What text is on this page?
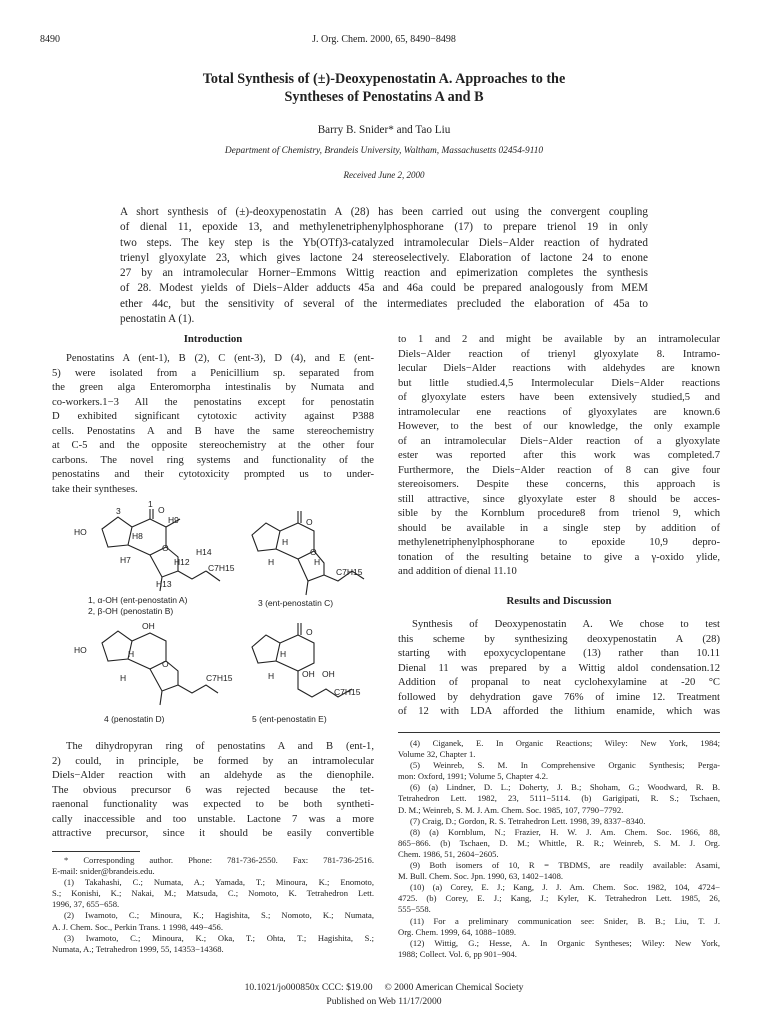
8490	J. Org. Chem. 2000, 65, 8490−8498
Total Synthesis of (±)-Deoxypenostatin A. Approaches to the
Syntheses of Penostatins A and B
Barry B. Snider* and Tao Liu
Department of Chemistry, Brandeis University, Waltham, Massachusetts 02454-9110
Received June 2, 2000
A short synthesis of (±)-deoxypenostatin A (28) has been carried out using the convergent coupling
of dienal 11, epoxide 13, and methylenetriphenylphosphorane (17) to prepare trienol 19 in only
two steps. The key step is the Yb(OTf)3-catalyzed intramolecular Diels−Alder reaction of hydrated
trienyl glyoxylate 23, which gives lactone 24 stereoselectively. Elaboration of lactone 24 to enone
27 by an intramolecular Horner−Emmons Wittig reaction and epimerization completes the synthesis
of 28. Modest yields of Diels−Alder adducts 45a and 46a could be prepared analogously from MEM
ether 44c, but the sensitivity of several of the intermediates precluded the elaboration of 45a to
penostatin A (1).
Introduction
Penostatins A (ent-1), B (2), C (ent-3), D (4), and E (ent-
5) were isolated from a Penicillium sp. separated from
the green alga Enteromorpha intestinalis by Numata and
co-workers.1−3 All the penostatins except for penostatin
D exhibited significant cytotoxic activity against P388
cells. Penostatins A and B have the same stereochemistry
at C-5 and the opposite stereochemistry at the other four
carbons. The novel ring systems and functionality of the
penostatins and their cytotoxicity prompted us to under-
take their syntheses.
HO
3
1
O
H9
H8
H7
O
H12
H14
C7H15
H13
O
H
H
O
H
C7H15
OH
HO	H
H
O
C7H15
O
H
H	OH OH
C7H15
1, α-OH (ent-penostatin A)
2, β-OH (penostatin B)
3 (ent-penostatin C)
4 (penostatin D)	5 (ent-penostatin E)
The dihydropyran ring of penostatins A and B (ent-1,
2) could, in principle, be formed by an intramolecular
Diels−Alder reaction with an aldehyde as the dienophile.
The obvious precursor 6 was rejected because the tet-
raenonal functionality was expected to be both syntheti-
cally inaccessible and too unstable. Lactone 7 was a more
attractive precursor, since it should be easily convertible
* Corresponding author. Phone: 781-736-2550. Fax: 781-736-2516.
E-mail: snider@brandeis.edu.
(1) Takahashi, C.; Numata, A.; Yamada, T.; Minoura, K.; Enomoto,
S.; Konishi, K.; Nakai, M.; Matsuda, C.; Nomoto, K. Tetrahedron Lett.
1996, 37, 655−658.
(2) Iwamoto, C.; Minoura, K.; Hagishita, S.; Nomoto, K.; Numata,
A. J. Chem. Soc., Perkin Trans. 1 1998, 449−456.
(3) Iwamoto, C.; Minoura, K.; Oka, T.; Ohta, T.; Hagishita, S.;
Numata, A.; Tetrahedron 1999, 55, 14353−14368.
to 1 and 2 and might be available by an intramolecular
Diels−Alder reaction of trienyl glyoxylate 8. Intramo-
lecular Diels−Alder reactions with aldehydes are known
but little studied.4,5 Intermolecular Diels−Alder reactions
of glyoxylate esters have been extensively studied,5 and
intramolecular ene reactions of glyoxylates are known.6
However, to the best of our knowledge, the only example
of an intramolecular Diels−Alder reaction of a glyoxylate
ester was reported after this work was completed.7
Furthermore, the Diels−Alder reaction of 8 can give four
stereoisomers. Despite these concerns, this approach is
still attractive, since glyoxylate ester 8 should be acces-
sible by the Kornblum procedure8 from trienol 9, which
should be available in a single step by addition of
methylenetriphenylphosphorane to epoxide 10,9 depro-
tonation of the resulting betaine to give a γ-oxido ylide,
and addition of dienal 11.10
Results and Discussion
Synthesis of Deoxypenostatin A. We chose to test
this scheme by synthesizing deoxypenostatin A (28)
starting with epoxycyclopentane (13) rather than 10.11
Dienal 11 was prepared by a Wittig aldol condensation.12
Addition of propanal to neat cyclohexylamine at -20 °C
followed by dehydration gave 76% of imine 12. Treatment
of 12 with LDA afforded the lithium enamide, which was
(4) Ciganek, E. In Organic Reactions; Wiley: New York, 1984;
Volume 32, Chapter 1.
(5) Weinreb, S. M. In Comprehensive Organic Synthesis; Perga-
mon: Oxford, 1991; Volume 5, Chapter 4.2.
(6) (a) Lindner, D. L.; Doherty, J. B.; Shoham, G.; Woodward, R. B.
Tetrahedron Lett. 1982, 23, 5111−5114. (b) Garigipati, R. S.; Tschaen,
D. M.; Weinreb, S. M. J. Am. Chem. Soc. 1985, 107, 7790−7792.
(7) Craig, D.; Gordon, R. S. Tetrahedron Lett. 1998, 39, 8337−8340.
(8) (a) Kornblum, N.; Frazier, H. W. J. Am. Chem. Soc. 1966, 88,
865−866. (b) Tschaen, D. M.; Whittle, R. R.; Weinreb, S. M. J. Org.
Chem. 1986, 51, 2604−2605.
(9) Both isomers of 10, R = TBDMS, are readily available: Asami,
M. Bull. Chem. Soc. Jpn. 1990, 63, 1402−1408.
(10) (a) Corey, E. J.; Kang, J. J. Am. Chem. Soc. 1982, 104, 4724−
4725. (b) Corey, E. J.; Kang, J.; Kyler, K. Tetrahedron Lett. 1985, 26,
555−558.
(11) For a preliminary communication see: Snider, B. B.; Liu, T. J.
Org. Chem. 1999, 64, 1088−1089.
(12) Wittig, G.; Hesse, A. In Organic Syntheses; Wiley: New York,
1988; Collect. Vol. 6, pp 901−904.
10.1021/jo000850x CCC: $19.00     © 2000 American Chemical Society
Published on Web 11/17/2000
